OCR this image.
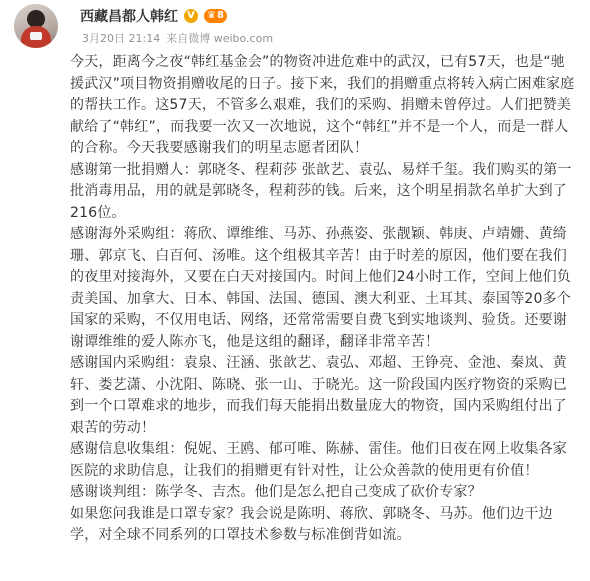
西藏昌都人韩红 V	♛ 8
3月20日 21:14 来自微博 weibo.com

今天，距离今之夜“韩红基金会”的物资冲进危难中的武汉，已有57天，也是“驰援武汉”项目物资捐赠收尾的日子。接下来，我们的捐赠重点将转入病亡困难家庭的帮扶工作。这57天，不管多么艰难，我们的采购、捐赠未曾停过。人们把赞美献给了“韩红”，而我要一次又一次地说，这个“韩红”并不是一个人，而是一群人的合称。今天我要感谢我们的明星志愿者团队！

感谢第一批捐赠人：郭晓冬、程莉莎 张歆艺、袁弘、易烊千玺。我们购买的第一批消毒用品，用的就是郭晓冬，程莉莎的钱。后来，这个明星捐款名单扩大到了216位。

感谢海外采购组：蒋欣、谭维维、马苏、孙燕姿、张靓颖、韩庚、卢靖姗、黄绮珊、郭京飞、白百何、汤唯。这个组极其辛苦！由于时差的原因，他们要在我们的夜里对接海外，又要在白天对接国内。时间上他们24小时工作，空间上他们负责美国、加拿大、日本、韩国、法国、德国、澳大利亚、土耳其、泰国等20多个国家的采购，不仅用电话、网络，还常常需要自费飞到实地谈判、验货。还要谢谢谭维维的爱人陈亦飞，他是这组的翻译，翻译非常辛苦！

感谢国内采购组：袁泉、汪涵、张歆艺、袁弘、邓超、王铮亮、金池、秦岚、黄轩、娄艺潇、小沈阳、陈晓、张一山、于晓光。这一阶段国内医疗物资的采购已到一个口罩难求的地步，而我们每天能捐出数量庞大的物资，国内采购组付出了艰苦的劳动！

感谢信息收集组：倪妮、王鸥、郁可唯、陈赫、雷佳。他们日夜在网上收集各家医院的求助信息，让我们的捐赠更有针对性，让公众善款的使用更有价值！

感谢谈判组：陈学冬、吉杰。他们是怎么把自己变成了砍价专家？

如果您问我谁是口罩专家？我会说是陈明、蒋欣、郭晓冬、马苏。他们边干边学，对全球不同系列的口罩技术参数与标准倒背如流。
